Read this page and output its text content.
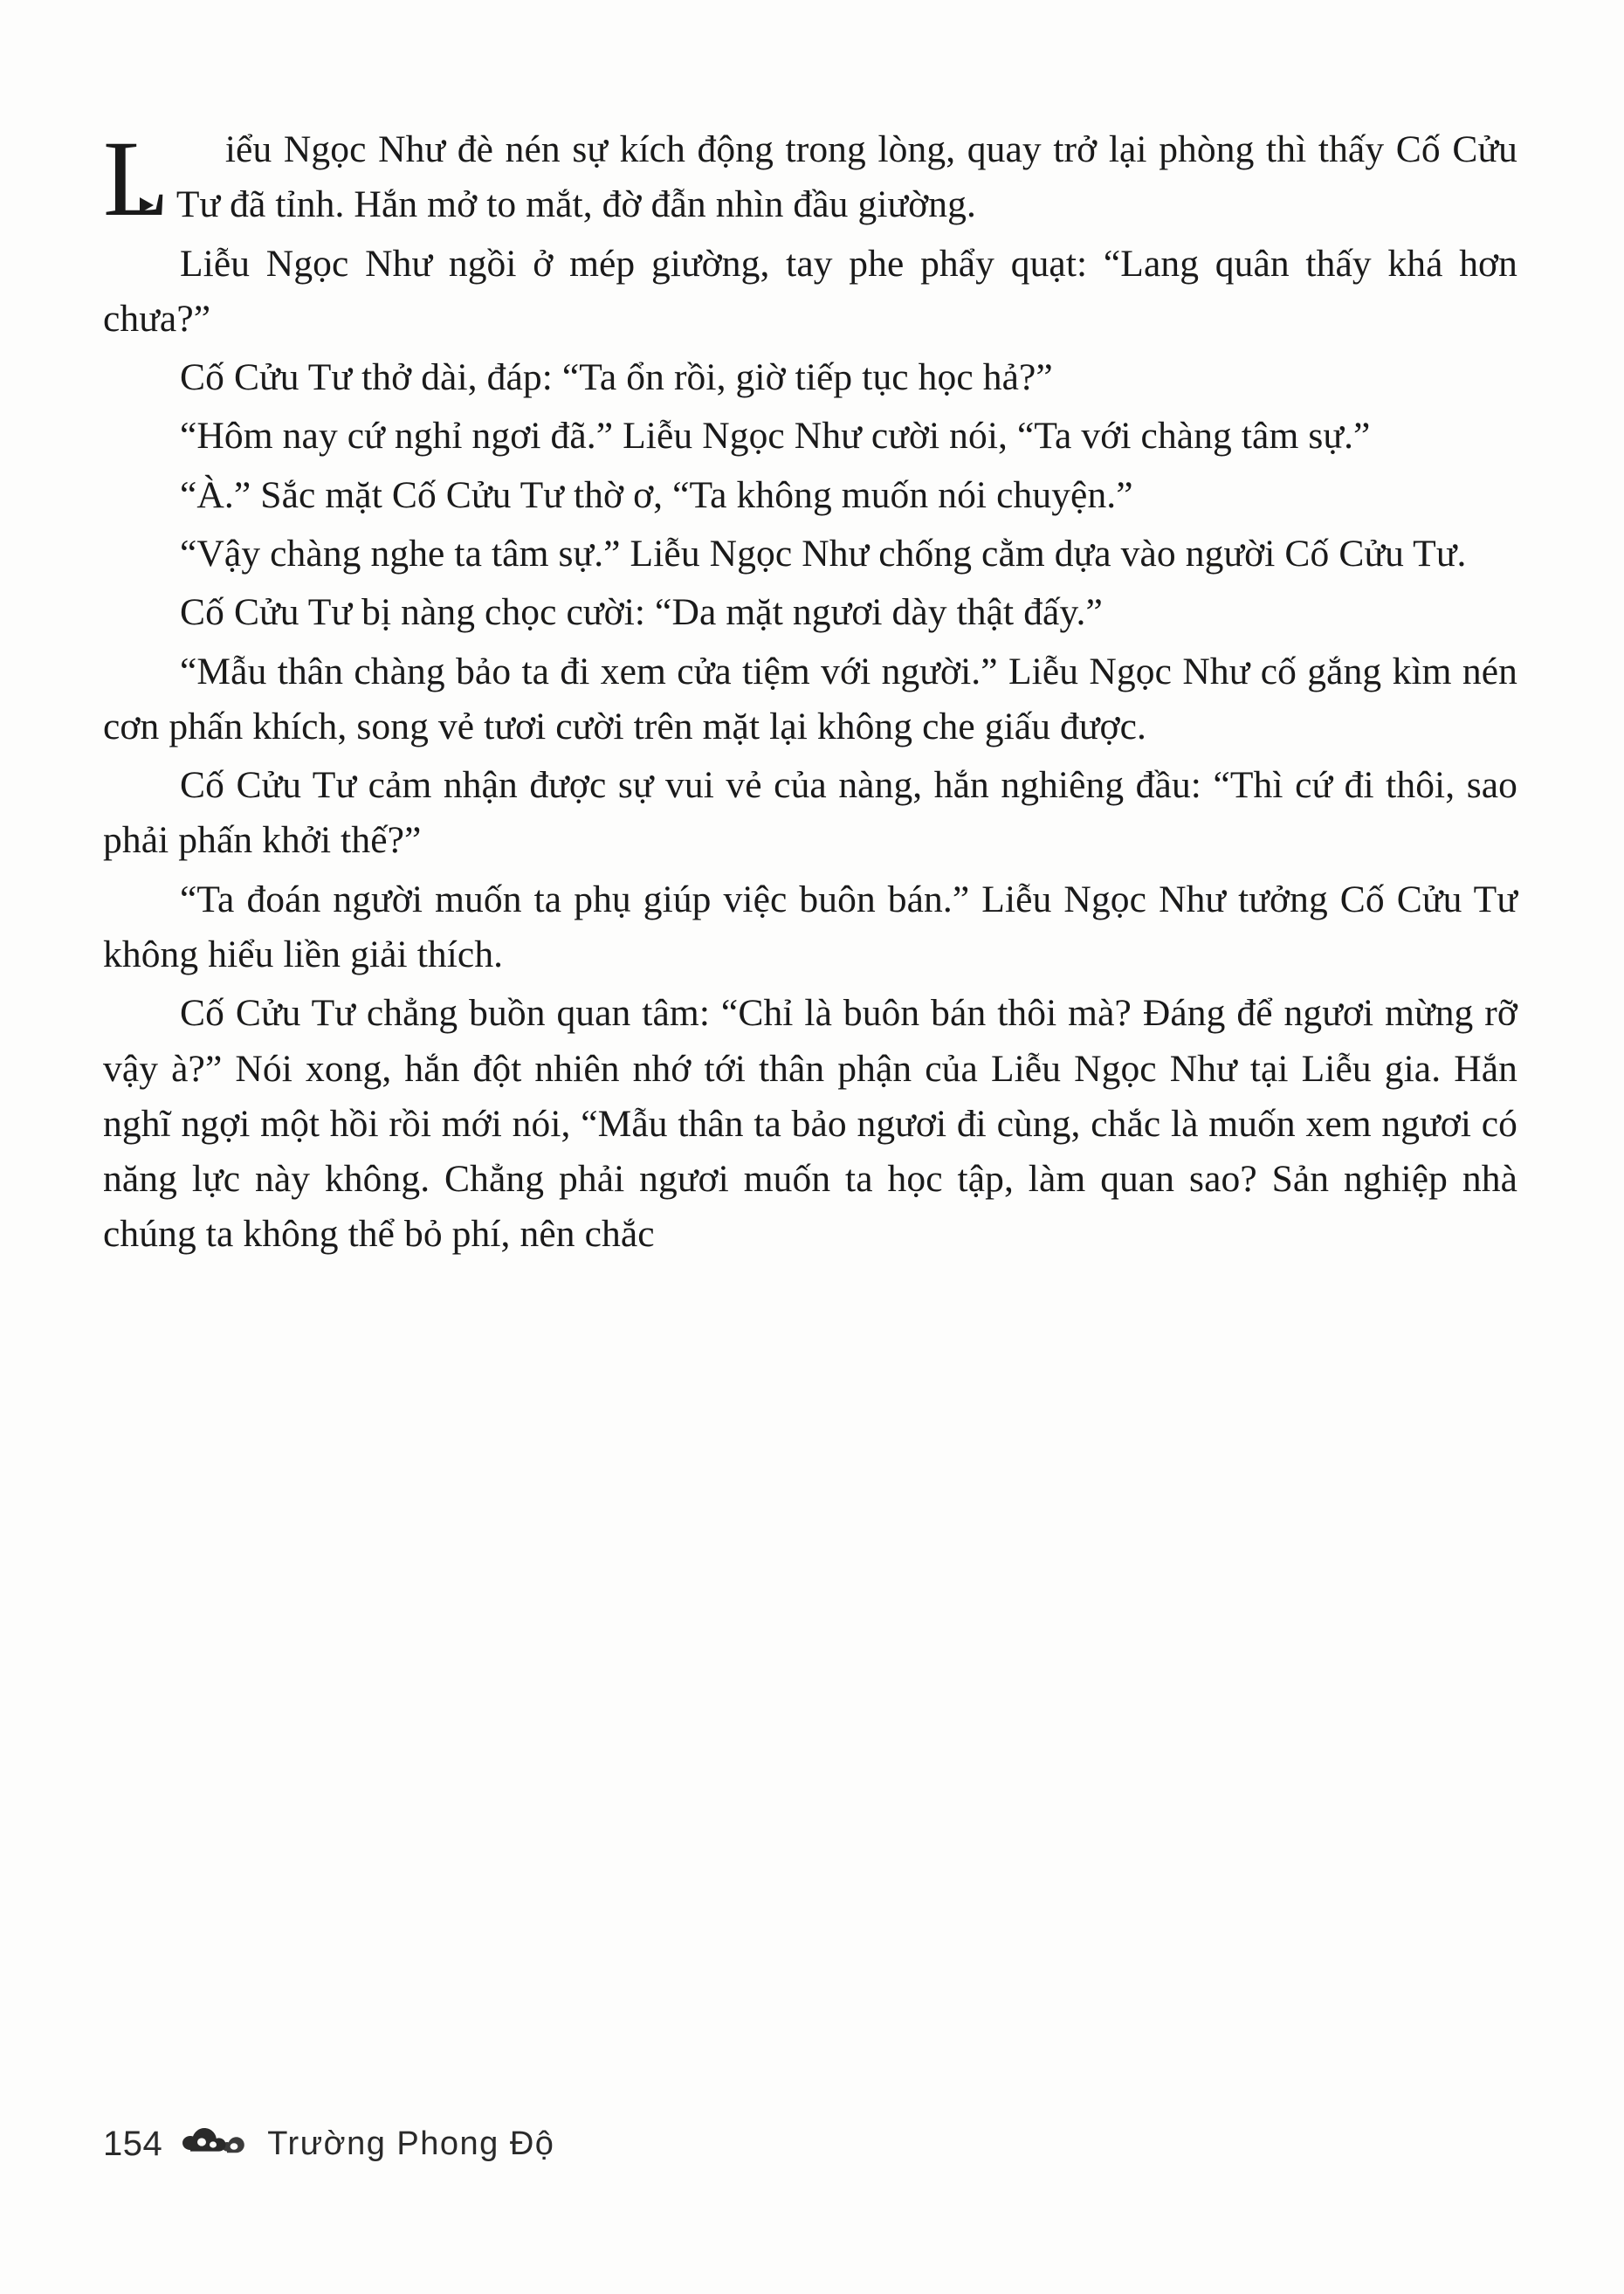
L iểu Ngọc Như đè nén sự kích động trong lòng, quay trở lại phòng thì thấy Cố Cửu Tư đã tỉnh. Hắn mở to mắt, đờ đẫn nhìn đầu giường.

Liễu Ngọc Như ngồi ở mép giường, tay phe phẩy quạt: “Lang quân thấy khá hơn chưa?”

Cố Cửu Tư thở dài, đáp: “Ta ổn rồi, giờ tiếp tục học hả?”

“Hôm nay cứ nghỉ ngơi đã.” Liễu Ngọc Như cười nói, “Ta với chàng tâm sự.”

“À.” Sắc mặt Cố Cửu Tư thờ ơ, “Ta không muốn nói chuyện.”

“Vậy chàng nghe ta tâm sự.” Liễu Ngọc Như chống cằm dựa vào người Cố Cửu Tư.

Cố Cửu Tư bị nàng chọc cười: “Da mặt ngươi dày thật đấy.”

“Mẫu thân chàng bảo ta đi xem cửa tiệm với người.” Liễu Ngọc Như cố gắng kìm nén cơn phấn khích, song vẻ tươi cười trên mặt lại không che giấu được.

Cố Cửu Tư cảm nhận được sự vui vẻ của nàng, hắn nghiêng đầu: “Thì cứ đi thôi, sao phải phấn khởi thế?”

“Ta đoán người muốn ta phụ giúp việc buôn bán.” Liễu Ngọc Như tưởng Cố Cửu Tư không hiểu liền giải thích.

Cố Cửu Tư chẳng buồn quan tâm: “Chỉ là buôn bán thôi mà? Đáng để ngươi mừng rỡ vậy à?” Nói xong, hắn đột nhiên nhớ tới thân phận của Liễu Ngọc Như tại Liễu gia. Hắn nghĩ ngợi một hồi rồi mới nói, “Mẫu thân ta bảo ngươi đi cùng, chắc là muốn xem ngươi có năng lực này không. Chẳng phải ngươi muốn ta học tập, làm quan sao? Sản nghiệp nhà chúng ta không thể bỏ phí, nên chắc

154	Trường Phong Độ
